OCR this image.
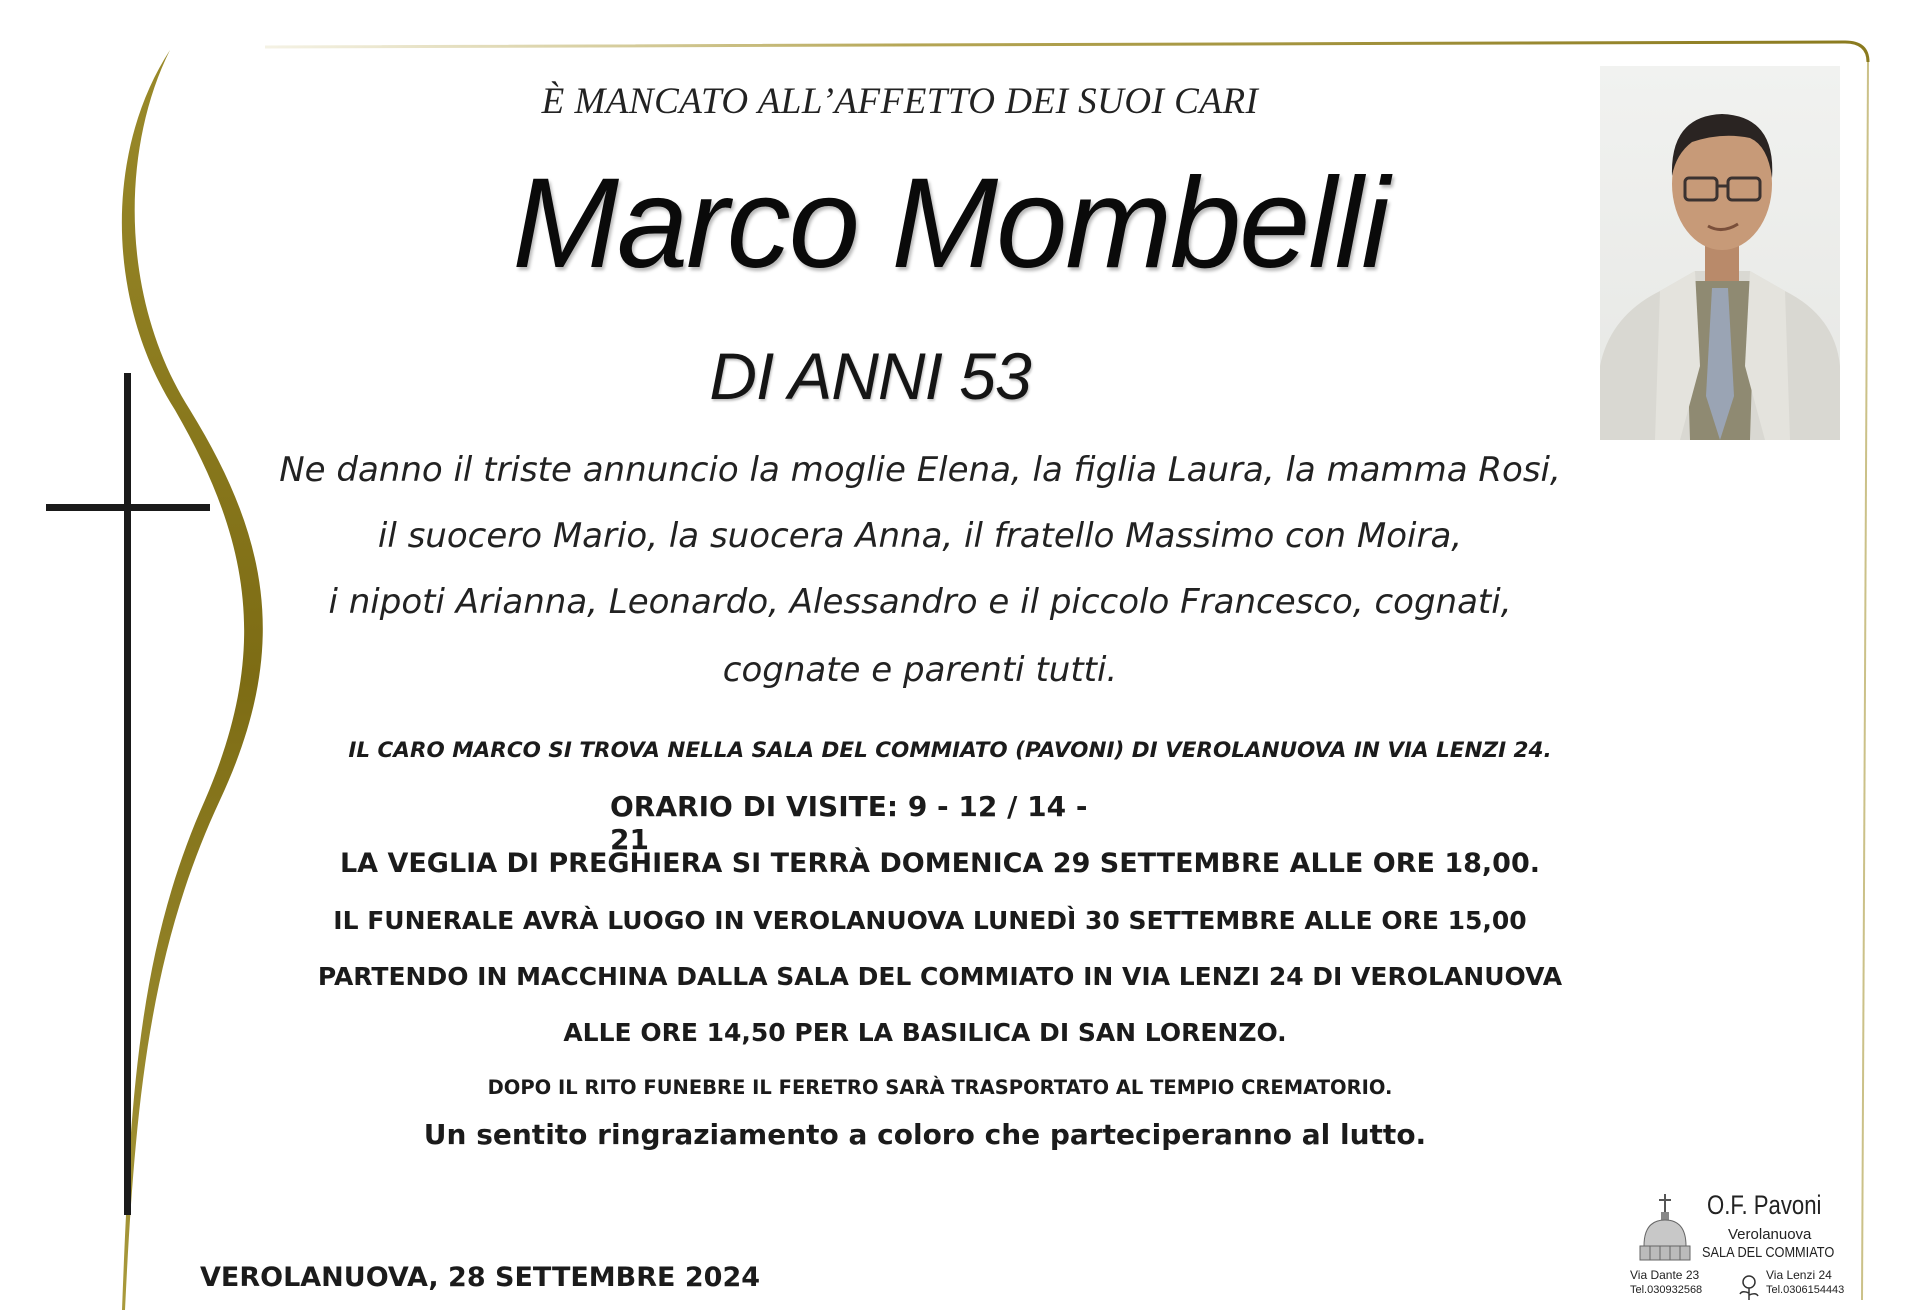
È MANCATO ALL’AFFETTO DEI SUOI CARI
Marco Mombelli
DI ANNI 53
Ne danno il triste annuncio la moglie Elena, la figlia Laura, la mamma Rosi,
il suocero Mario, la suocera Anna, il fratello Massimo con Moira,
i nipoti Arianna, Leonardo, Alessandro e il piccolo Francesco, cognati,
cognate e parenti tutti.
IL CARO MARCO SI TROVA NELLA SALA DEL COMMIATO (PAVONI) DI VEROLANUOVA IN VIA LENZI 24.
ORARIO DI VISITE: 9 - 12 / 14 - 21
LA VEGLIA DI PREGHIERA SI TERRÀ DOMENICA 29 SETTEMBRE ALLE ORE 18,00.
IL FUNERALE AVRÀ LUOGO IN VEROLANUOVA LUNEDÌ 30 SETTEMBRE ALLE ORE 15,00
PARTENDO IN MACCHINA DALLA SALA DEL COMMIATO IN VIA LENZI 24 DI VEROLANUOVA
ALLE ORE 14,50 PER LA BASILICA DI SAN LORENZO.
DOPO IL RITO FUNEBRE IL FERETRO SARÀ TRASPORTATO AL TEMPIO CREMATORIO.
Un sentito ringraziamento a coloro che parteciperanno al lutto.
VEROLANUOVA, 28 SETTEMBRE 2024
O.F. Pavoni
Verolanuova
SALA DEL COMMIATO
Via Dante 23
Tel.030932568
Via Lenzi 24
Tel.0306154443
